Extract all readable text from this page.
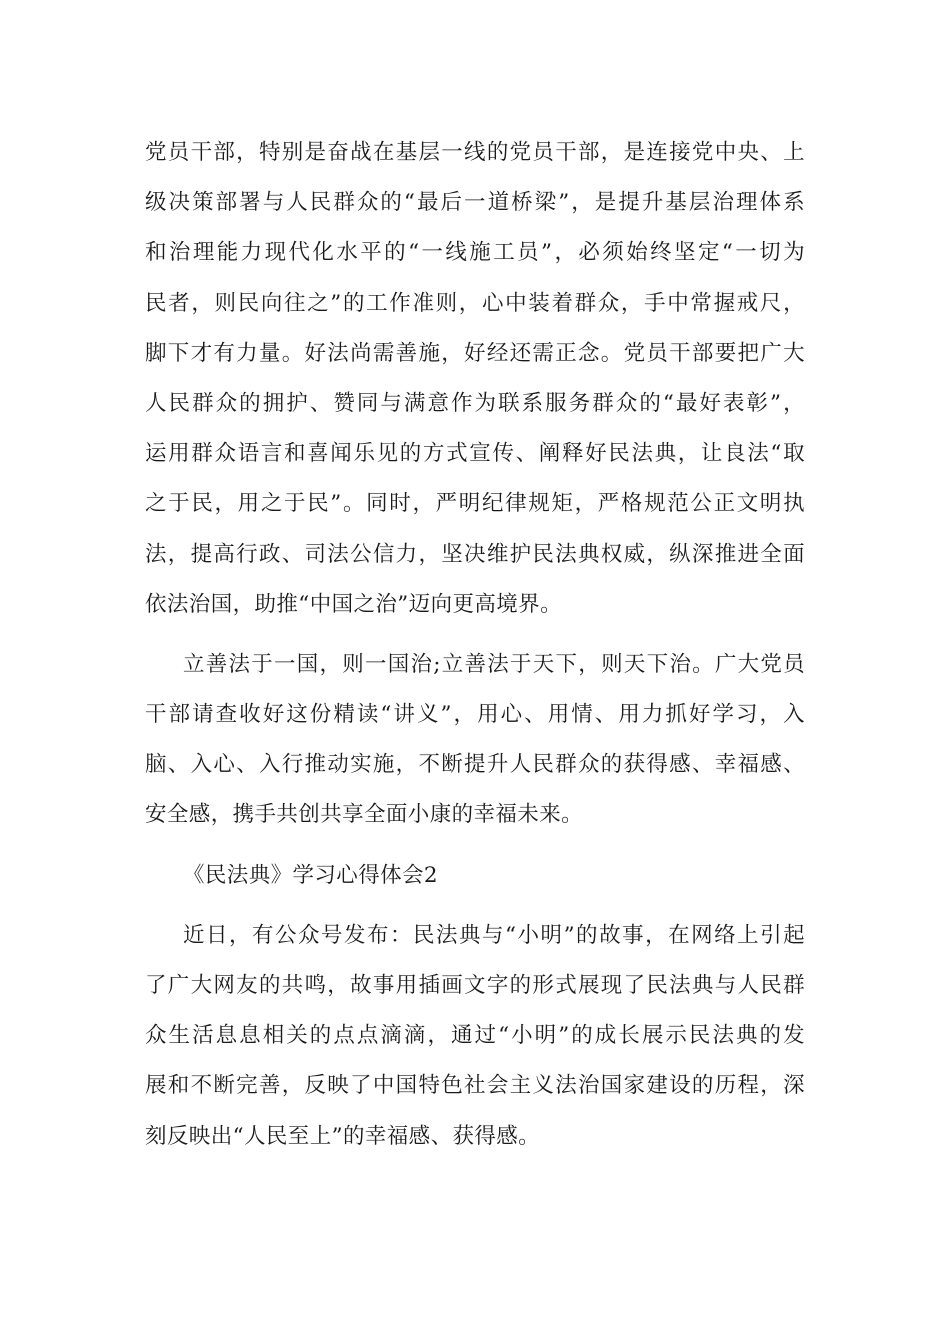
党员干部，特别是奋战在基层一线的党员干部，是连接党中央、上
级决策部署与人民群众的“最后一道桥梁”，是提升基层治理体系
和治理能力现代化水平的“一线施工员”，必须始终坚定“一切为
民者，则民向往之”的工作准则，心中装着群众，手中常握戒尺，
脚下才有力量。好法尚需善施，好经还需正念。党员干部要把广大
人民群众的拥护、赞同与满意作为联系服务群众的“最好表彰”，
运用群众语言和喜闻乐见的方式宣传、阐释好民法典，让良法“取
之于民，用之于民”。同时，严明纪律规矩，严格规范公正文明执
法，提高行政、司法公信力，坚决维护民法典权威，纵深推进全面
依法治国，助推“中国之治”迈向更高境界。
立善法于一国，则一国治;立善法于天下，则天下治。广大党员
干部请查收好这份精读“讲义”，用心、用情、用力抓好学习，入
脑、入心、入行推动实施，不断提升人民群众的获得感、幸福感、
安全感，携手共创共享全面小康的幸福未来。
《民法典》学习心得体会2
近日，有公众号发布：民法典与“小明”的故事，在网络上引起
了广大网友的共鸣，故事用插画文字的形式展现了民法典与人民群
众生活息息相关的点点滴滴，通过“小明”的成长展示民法典的发
展和不断完善，反映了中国特色社会主义法治国家建设的历程，深
刻反映出“人民至上”的幸福感、获得感。
